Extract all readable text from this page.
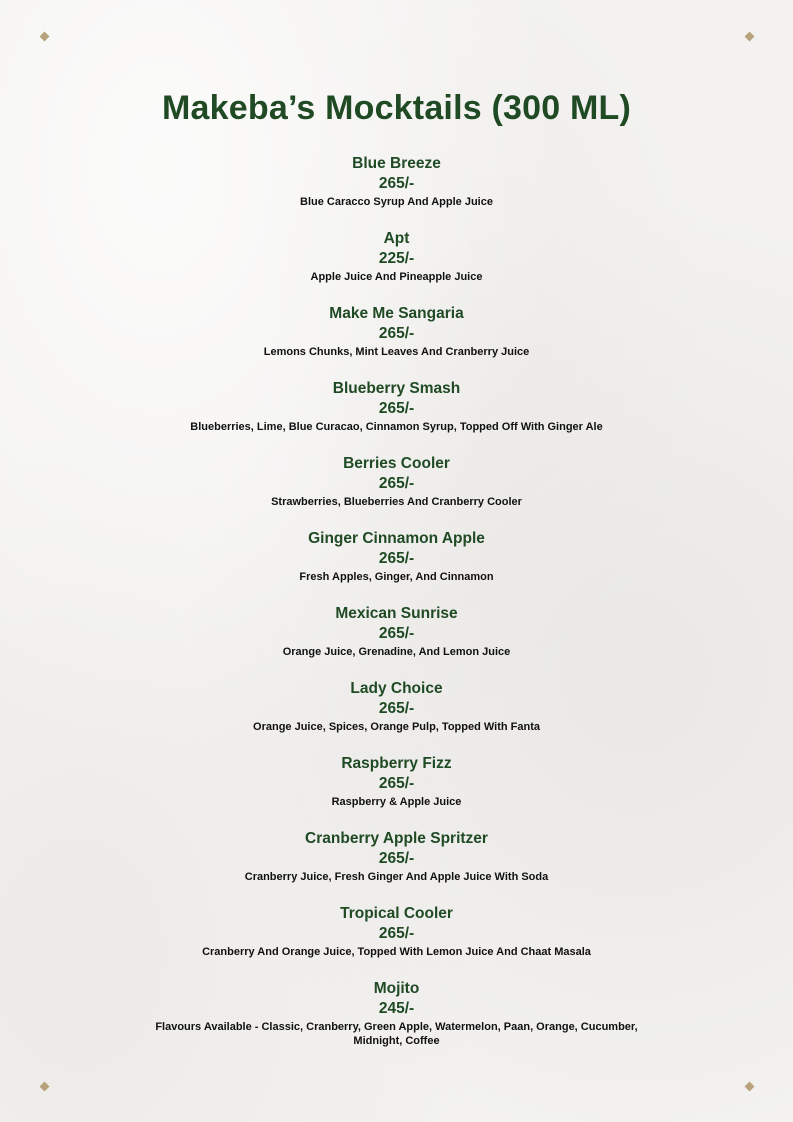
Makeba’s Mocktails (300 ML)
Blue Breeze
265/-
Blue Caracco Syrup And Apple Juice
Apt
225/-
Apple Juice And Pineapple Juice
Make Me Sangaria
265/-
Lemons Chunks, Mint Leaves And Cranberry Juice
Blueberry Smash
265/-
Blueberries, Lime, Blue Curacao, Cinnamon Syrup, Topped Off With Ginger Ale
Berries Cooler
265/-
Strawberries, Blueberries And Cranberry Cooler
Ginger Cinnamon Apple
265/-
Fresh Apples, Ginger, And Cinnamon
Mexican Sunrise
265/-
Orange Juice, Grenadine, And Lemon Juice
Lady Choice
265/-
Orange Juice, Spices, Orange Pulp, Topped With Fanta
Raspberry Fizz
265/-
Raspberry & Apple Juice
Cranberry Apple Spritzer
265/-
Cranberry Juice, Fresh Ginger And Apple Juice With Soda
Tropical Cooler
265/-
Cranberry And Orange Juice, Topped With Lemon Juice And Chaat Masala
Mojito
245/-
Flavours Available - Classic, Cranberry, Green Apple, Watermelon, Paan, Orange, Cucumber, Midnight, Coffee
